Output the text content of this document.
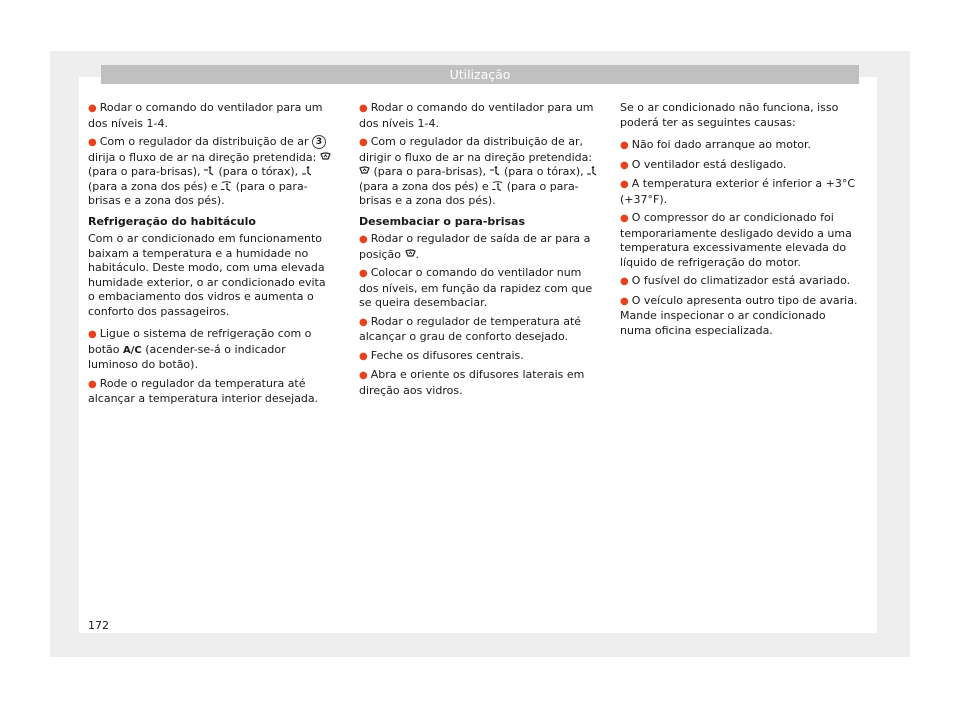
Utilização

● Rodar o comando do ventilador para um dos níveis 1-4.

● Com o regulador da distribuição de ar 3 dirija o fluxo de ar na direção pretendida:
(para o para-brisas),
(para o tórax),
(para a zona dos pés) e
(para o para-brisas e a zona dos pés).

Refrigeração do habitáculo

Com o ar condicionado em funcionamento baixam a temperatura e a humidade no habitáculo. Deste modo, com uma elevada humidade exterior, o ar condicionado evita o embaciamento dos vidros e aumenta o conforto dos passageiros.

● Ligue o sistema de refrigeração com o botão A/C (acender-se-á o indicador luminoso do botão).

● Rode o regulador da temperatura até alcançar a temperatura interior desejada.

● Rodar o comando do ventilador para um dos níveis 1-4.

● Com o regulador da distribuição de ar, dirigir o fluxo de ar na direção pretendida:
(para o para-brisas),
(para o tórax),
(para a zona dos pés) e
(para o para-brisas e a zona dos pés).

Desembaciar o para-brisas

● Rodar o regulador de saída de ar para a posição
.

● Colocar o comando do ventilador num dos níveis, em função da rapidez com que se queira desembaciar.

● Rodar o regulador de temperatura até alcançar o grau de conforto desejado.

● Feche os difusores centrais.

● Abra e oriente os difusores laterais em direção aos vidros.

Se o ar condicionado não funciona, isso poderá ter as seguintes causas:

● Não foi dado arranque ao motor.

● O ventilador está desligado.

● A temperatura exterior é inferior a +3°C (+37°F).

● O compressor do ar condicionado foi temporariamente desligado devido a uma temperatura excessivamente elevada do líquido de refrigeração do motor.

● O fusível do climatizador está avariado.

● O veículo apresenta outro tipo de avaria. Mande inspecionar o ar condicionado numa oficina especializada.

172
